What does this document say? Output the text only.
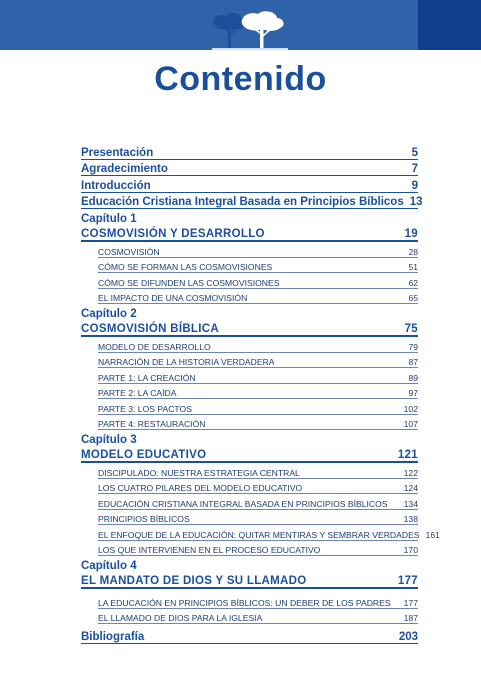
Contenido
Presentación	5
Agradecimiento	7
Introducción	9
Educación Cristiana Integral Basada en Principios Bíblicos 13
Capítulo 1
COSMOVISIÓN Y DESARROLLO	19
COSMOVISIÓN	28
CÓMO SE FORMAN LAS COSMOVISIONES	51
CÓMO SE DIFUNDEN LAS COSMOVISIONES	62
EL IMPACTO DE UNA COSMOVISIÓN	65
Capítulo 2
COSMOVISIÓN BÍBLICA	75
MODELO DE DESARROLLO	79
NARRACIÓN DE LA HISTORIA VERDADERA	87
PARTE 1: LA CREACIÓN	89
PARTE 2: LA CAÍDA	97
PARTE 3: LOS PACTOS	102
PARTE 4: RESTAURACIÓN	107
Capítulo 3
MODELO EDUCATIVO	121
DISCIPULADO: NUESTRA ESTRATEGIA CENTRAL	122
LOS CUATRO PILARES DEL MODELO EDUCATIVO	124
EDUCACIÓN CRISTIANA INTEGRAL BASADA EN PRINCIPIOS BÍBLICOS	134
PRINCIPIOS BÍBLICOS	138
EL ENFOQUE DE LA EDUCACIÓN: QUITAR MENTIRAS Y SEMBRAR VERDADES 161
LOS QUE INTERVIENEN EN EL PROCESO EDUCATIVO	170
Capítulo 4
EL MANDATO DE DIOS Y SU LLAMADO	177
LA EDUCACIÓN EN PRINCIPIOS BÍBLICOS: UN DEBER DE LOS PADRES	177
EL LLAMADO DE DIOS PARA LA IGLESIA	187
Bibliografía	203
